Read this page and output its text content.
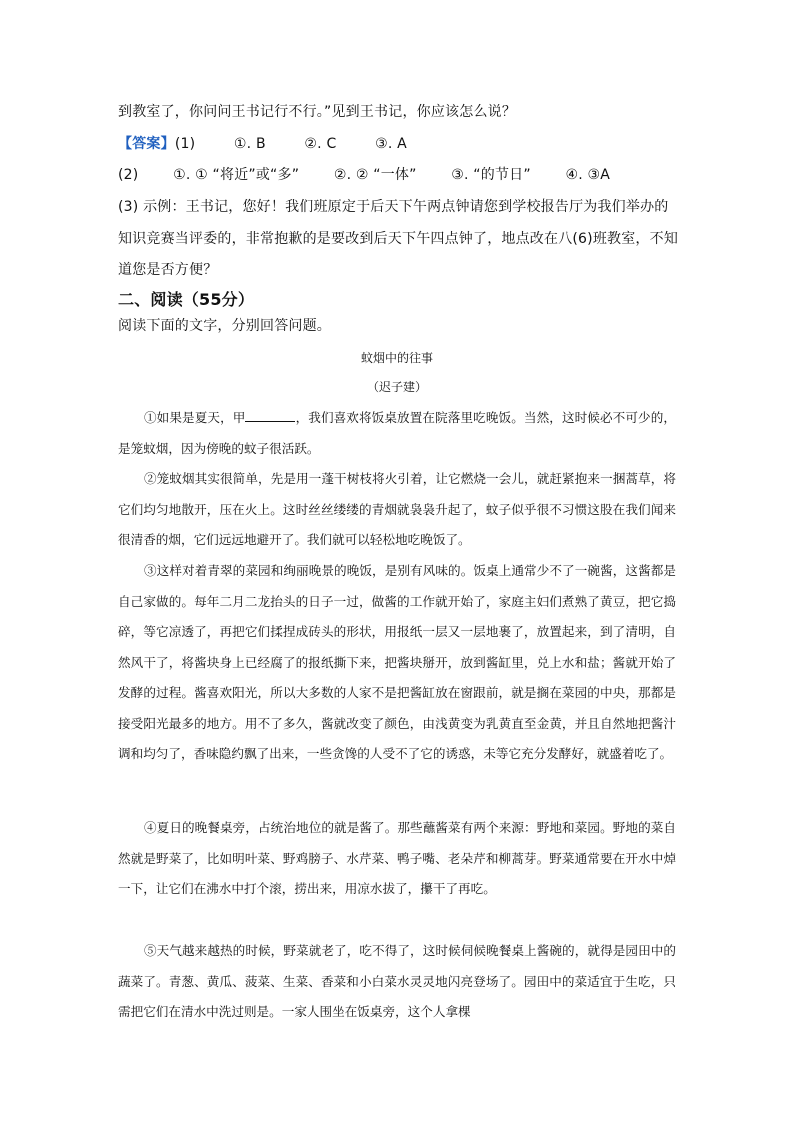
到教室了，你问问王书记行不行。”见到王书记，你应该怎么说？
【答案】(1)	①. B	②. C	③. A
(2) ①. ① “将近”或“多” ②. ② “一体” ③. “的节日” ④. ③A
(3) 示例：王书记，您好！我们班原定于后天下午两点钟请您到学校报告厅为我们举办的
知识竞赛当评委的，非常抱歉的是要改到后天下午四点钟了，地点改在八(6)班教室，不知
道您是否方便？
二、阅读（55分）
阅读下面的文字，分别回答问题。
蚊烟中的往事
（迟子建）
①如果是夏天，甲	，我们喜欢将饭桌放置在院落里吃晚饭。当然，这时候必不可少的，是笼蚊烟，因为傍晚的蚊子很活跃。
②笼蚊烟其实很简单，先是用一蓬干树枝将火引着，让它燃烧一会儿，就赶紧抱来一捆蒿草，将它们均匀地散开，压在火上。这时丝丝缕缕的青烟就袅袅升起了，蚊子似乎很不习惯这股在我们闻来很清香的烟，它们远远地避开了。我们就可以轻松地吃晚饭了。
③这样对着青翠的菜园和绚丽晚景的晚饭，是别有风味的。饭桌上通常少不了一碗酱，这酱都是自己家做的。每年二月二龙抬头的日子一过，做酱的工作就开始了，家庭主妇们煮熟了黄豆，把它捣碎，等它凉透了，再把它们揉捏成砖头的形状，用报纸一层又一层地裹了，放置起来，到了清明，自然风干了，将酱块身上已经腐了的报纸撕下来，把酱块掰开，放到酱缸里，兑上水和盐；酱就开始了发酵的过程。酱喜欢阳光，所以大多数的人家不是把酱缸放在窗跟前，就是搁在菜园的中央，那都是接受阳光最多的地方。用不了多久，酱就改变了颜色，由浅黄变为乳黄直至金黄，并且自然地把酱汁调和均匀了，香味隐约飘了出来，一些贪馋的人受不了它的诱惑，未等它充分发酵好，就盛着吃了。
④夏日的晚餐桌旁，占统治地位的就是酱了。那些蘸酱菜有两个来源：野地和菜园。野地的菜自然就是野菜了，比如明叶菜、野鸡膀子、水芹菜、鸭子嘴、老朵芹和柳蒿芽。野菜通常要在开水中焯一下，让它们在沸水中打个滚，捞出来，用凉水拔了，攥干了再吃。
⑤天气越来越热的时候，野菜就老了，吃不得了，这时候伺候晚餐桌上酱碗的，就得是园田中的蔬菜了。青葱、黄瓜、菠菜、生菜、香菜和小白菜水灵灵地闪亮登场了。园田中的菜适宜于生吃，只需把它们在清水中洗过则是。一家人围坐在饭桌旁，这个人拿棵
